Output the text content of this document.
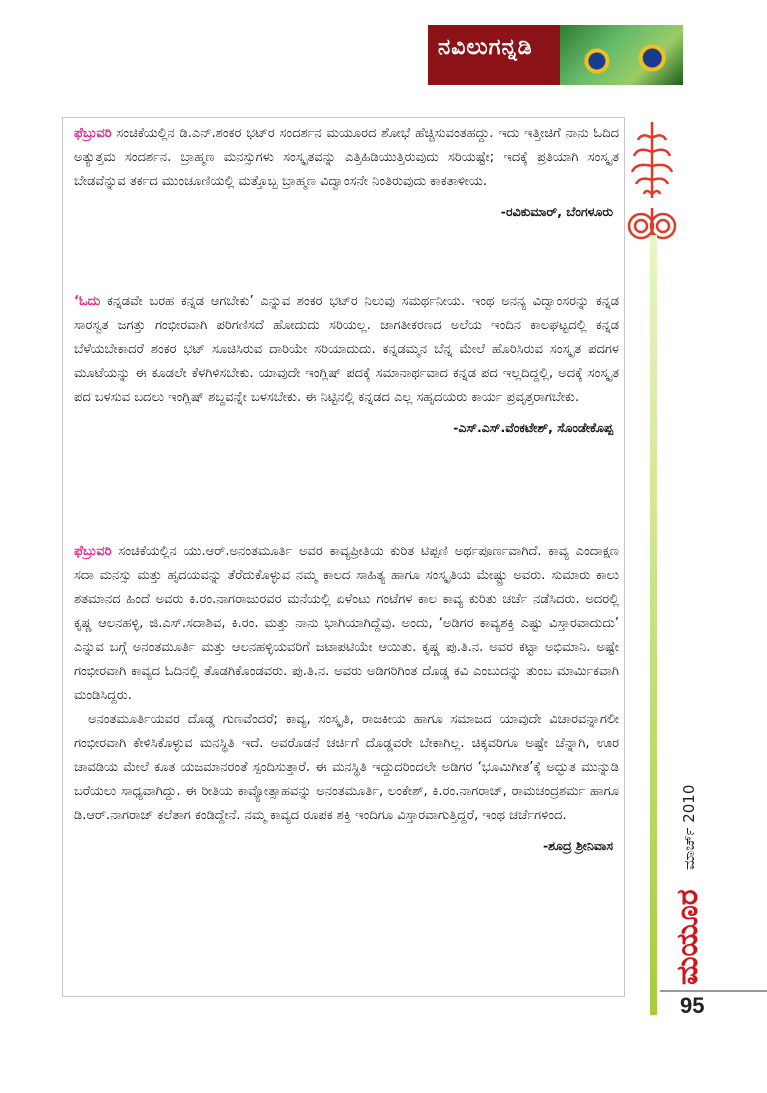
ನವಿಲುಗನ್ನಡಿ

ಫೆಬ್ರುವರಿ ಸಂಚಿಕೆಯಲ್ಲಿನ ಡಿ.ಎನ್.ಶಂಕರ ಭಟ್‌ರ ಸಂದರ್ಶನ ಮಯೂರದ ಶೋಭೆ ಹೆಚ್ಚಿಸುವಂತಹದ್ದು. ಇದು ಇತ್ತೀಚಿಗೆ ನಾನು ಓದಿದ ಅತ್ಯುತ್ತಮ ಸಂದರ್ಶನ. ಬ್ರಾಹ್ಮಣ ಮನಸ್ಸುಗಳು ಸಂಸ್ಕೃತವನ್ನು ಎತ್ತಿಹಿಡಿಯುತ್ತಿರುವುದು ಸರಿಯಷ್ಟೇ; ಇದಕ್ಕೆ ಪ್ರತಿಯಾಗಿ ಸಂಸ್ಕೃತ ಬೇಡವೆನ್ನುವ ತರ್ಕದ ಮುಂಚೂಣಿಯಲ್ಲಿ ಮತ್ತೊಬ್ಬ ಬ್ರಾಹ್ಮಣ ವಿದ್ವಾಂಸನೇ ನಿಂತಿರುವುದು ಕಾಕತಾಳೀಯ.

-ರವಿಕುಮಾರ್, ಬೆಂಗಳೂರು

‘ಓದು ಕನ್ನಡವೇ ಬರಹ ಕನ್ನಡ ಆಗಬೇಕು’ ಎನ್ನುವ ಶಂಕರ ಭಟ್‌ರ ನಿಲುವು ಸಮರ್ಥನೀಯ. ಇಂಥ ಅನನ್ಯ ವಿದ್ವಾಂಸರನ್ನು ಕನ್ನಡ ಸಾರಸ್ವತ ಜಗತ್ತು ಗಂಭೀರವಾಗಿ ಪರಿಗಣಿಸದೆ ಹೋದುದು ಸರಿಯಲ್ಲ. ಜಾಗತೀಕರಣದ ಅಲೆಯ ಇಂದಿನ ಕಾಲಘಟ್ಟದಲ್ಲಿ ಕನ್ನಡ ಬೆಳೆಯಬೇಕಾದರೆ ಶಂಕರ ಭಟ್ ಸೂಚಿಸಿರುವ ದಾರಿಯೇ ಸರಿಯಾದುದು. ಕನ್ನಡಮ್ಮನ ಬೆನ್ನ ಮೇಲೆ ಹೊರಿಸಿರುವ ಸಂಸ್ಕೃತ ಪದಗಳ ಮೂಟೆಯನ್ನು ಈ ಕೂಡಲೇ ಕೆಳಗಿಳಿಸಬೇಕು. ಯಾವುದೇ ಇಂಗ್ಲಿಷ್ ಪದಕ್ಕೆ ಸಮಾನಾರ್ಥವಾದ ಕನ್ನಡ ಪದ ಇಲ್ಲದಿದ್ದಲ್ಲಿ, ಅದಕ್ಕೆ ಸಂಸ್ಕೃತ ಪದ ಬಳಸುವ ಬದಲು ಇಂಗ್ಲಿಷ್ ಶಬ್ದವನ್ನೇ ಬಳಸಬೇಕು. ಈ ನಿಟ್ಟಿನಲ್ಲಿ ಕನ್ನಡದ ಎಲ್ಲ ಸಹೃದಯರು ಕಾರ್ಯ ಪ್ರವೃತ್ತರಾಗಬೇಕು.

-ಎಸ್.ಎಸ್.ವೆಂಕಟೇಶ್, ಸೊಂಡೇಕೊಪ್ಪ

ಫೆಬ್ರುವರಿ ಸಂಚಿಕೆಯಲ್ಲಿನ ಯು.ಆರ್.ಅನಂತಮೂರ್ತಿ ಅವರ ಕಾವ್ಯಪ್ರೀತಿಯ ಕುರಿತ ಟಿಪ್ಪಣಿ ಅರ್ಥಪೂರ್ಣವಾಗಿದೆ. ಕಾವ್ಯ ಎಂದಾಕ್ಷಣ ಸದಾ ಮನಸ್ಸು ಮತ್ತು ಹೃದಯವನ್ನು ತೆರೆದುಕೊಳ್ಳುವ ನಮ್ಮ ಕಾಲದ ಸಾಹಿತ್ಯ ಹಾಗೂ ಸಂಸ್ಕೃತಿಯ ಮೇಷ್ಟ್ರು ಅವರು. ಸುಮಾರು ಕಾಲು ಶತಮಾನದ ಹಿಂದೆ ಅವರು ಕಿ.ರಂ.ನಾಗರಾಜುರವರ ಮನೆಯಲ್ಲಿ ಏಳೆಂಟು ಗಂಟೆಗಳ ಕಾಲ ಕಾವ್ಯ ಕುರಿತು ಚರ್ಚೆ ನಡೆಸಿದರು. ಅದರಲ್ಲಿ ಕೃಷ್ಣ ಆಲನಹಳ್ಳಿ, ಜಿ.ಎಸ್.ಸದಾಶಿವ, ಕಿ.ರಂ. ಮತ್ತು ನಾನು ಭಾಗಿಯಾಗಿದ್ದೆವು. ಅಂದು, ‘ಅಡಿಗರ ಕಾವ್ಯಶಕ್ತಿ ಎಷ್ಟು ವಿಸ್ತಾರವಾದುದು’ ಎನ್ನುವ ಬಗ್ಗೆ ಅನಂತಮೂರ್ತಿ ಮತ್ತು ಆಲನಹಳ್ಳಿಯವರಿಗೆ ಜಟಾಪಟಿಯೇ ಆಯಿತು. ಕೃಷ್ಣ ಪು.ತಿ.ನ. ಅವರ ಕಟ್ಟಾ ಅಭಿಮಾನಿ. ಅಷ್ಟೇ ಗಂಭೀರವಾಗಿ ಕಾವ್ಯದ ಓದಿನಲ್ಲಿ ತೊಡಗಿಕೊಂಡವರು. ಪು.ತಿ.ನ. ಅವರು ಅಡಿಗರಿಗಿಂತ ದೊಡ್ಡ ಕವಿ ಎಂಬುದನ್ನು ತುಂಬ ಮಾರ್ಮಿಕವಾಗಿ ಮಂಡಿಸಿದ್ದರು.

ಅನಂತಮೂರ್ತಿಯವರ ದೊಡ್ಡ ಗುಣವೆಂದರೆ; ಕಾವ್ಯ, ಸಂಸ್ಕೃತಿ, ರಾಜಕೀಯ ಹಾಗೂ ಸಮಾಜದ ಯಾವುದೇ ವಿಚಾರವನ್ನಾಗಲೀ ಗಂಭೀರವಾಗಿ ಕೇಳಿಸಿಕೊಳ್ಳುವ ಮನಸ್ಥಿತಿ ಇದೆ. ಅವರೊಡನೆ ಚರ್ಚಿಗೆ ದೊಡ್ಡವರೇ ಬೇಕಾಗಿಲ್ಲ. ಚಿಕ್ಕವರಿಗೂ ಅಷ್ಟೇ ಚೆನ್ನಾಗಿ, ಊರ ಚಾವಡಿಯ ಮೇಲೆ ಕೂತ ಯಜಮಾನರಂತೆ ಸ್ಪಂದಿಸುತ್ತಾರೆ. ಈ ಮನಸ್ಥಿತಿ ಇದ್ದುದರಿಂದಲೇ ಅಡಿಗರ ‘ಭೂಮಿಗೀತ’ಕ್ಕೆ ಅದ್ಭುತ ಮುನ್ನುಡಿ ಬರೆಯಲು ಸಾಧ್ಯವಾಗಿದ್ದು. ಈ ರೀತಿಯ ಕಾವ್ಯೋತ್ಸಾಹವನ್ನು ಅನಂತಮೂರ್ತಿ, ಲಂಕೇಶ್, ಕಿ.ರಂ.ನಾಗರಾಜ್, ರಾಮಚಂದ್ರಶರ್ಮ ಹಾಗೂ ಡಿ.ಆರ್.ನಾಗರಾಜ್ ಕಲೆತಾಗ ಕಂಡಿದ್ದೇನೆ. ನಮ್ಮ ಕಾವ್ಯದ ರೂಪಕ ಶಕ್ತಿ ಇಂದಿಗೂ ವಿಸ್ತಾರವಾಗುತ್ತಿದ್ದರೆ, ಇಂಥ ಚರ್ಚೆಗಳಿಂದ.

-ಶೂದ್ರ ಶ್ರೀನಿವಾಸ	ಮಾರ್ಚ್ 2010
ಮಯೂರ
95
